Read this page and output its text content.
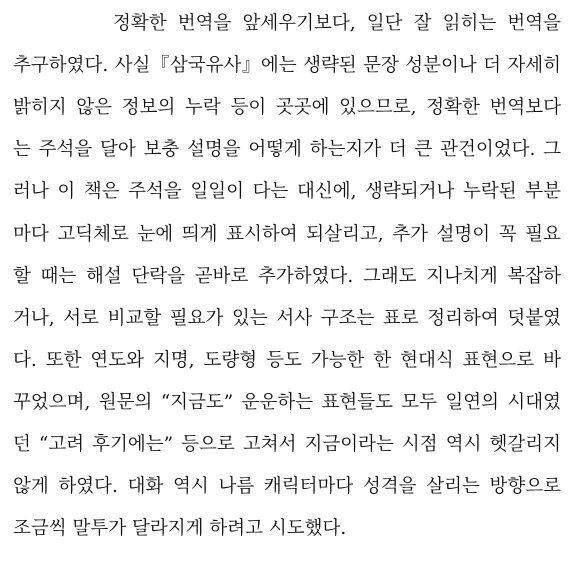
정확한 번역을 앞세우기보다, 일단 잘 읽히는 번역을
추구하였다. 사실『삼국유사』에는 생략된 문장 성분이나 더 자세히
밝히지 않은 정보의 누락 등이 곳곳에 있으므로, 정확한 번역보다
는 주석을 달아 보충 설명을 어떻게 하는지가 더 큰 관건이었다. 그
러나 이 책은 주석을 일일이 다는 대신에, 생략되거나 누락된 부분
마다 고딕체로 눈에 띄게 표시하여 되살리고, 추가 설명이 꼭 필요
할 때는 해설 단락을 곧바로 추가하였다. 그래도 지나치게 복잡하
거나, 서로 비교할 필요가 있는 서사 구조는 표로 정리하여 덧붙였
다. 또한 연도와 지명, 도량형 등도 가능한 한 현대식 표현으로 바
꾸었으며, 원문의 “지금도” 운운하는 표현들도 모두 일연의 시대였
던 “고려 후기에는” 등으로 고쳐서 지금이라는 시점 역시 헷갈리지
않게 하였다. 대화 역시 나름 캐릭터마다 성격을 살리는 방향으로
조금씩 말투가 달라지게 하려고 시도했다.
